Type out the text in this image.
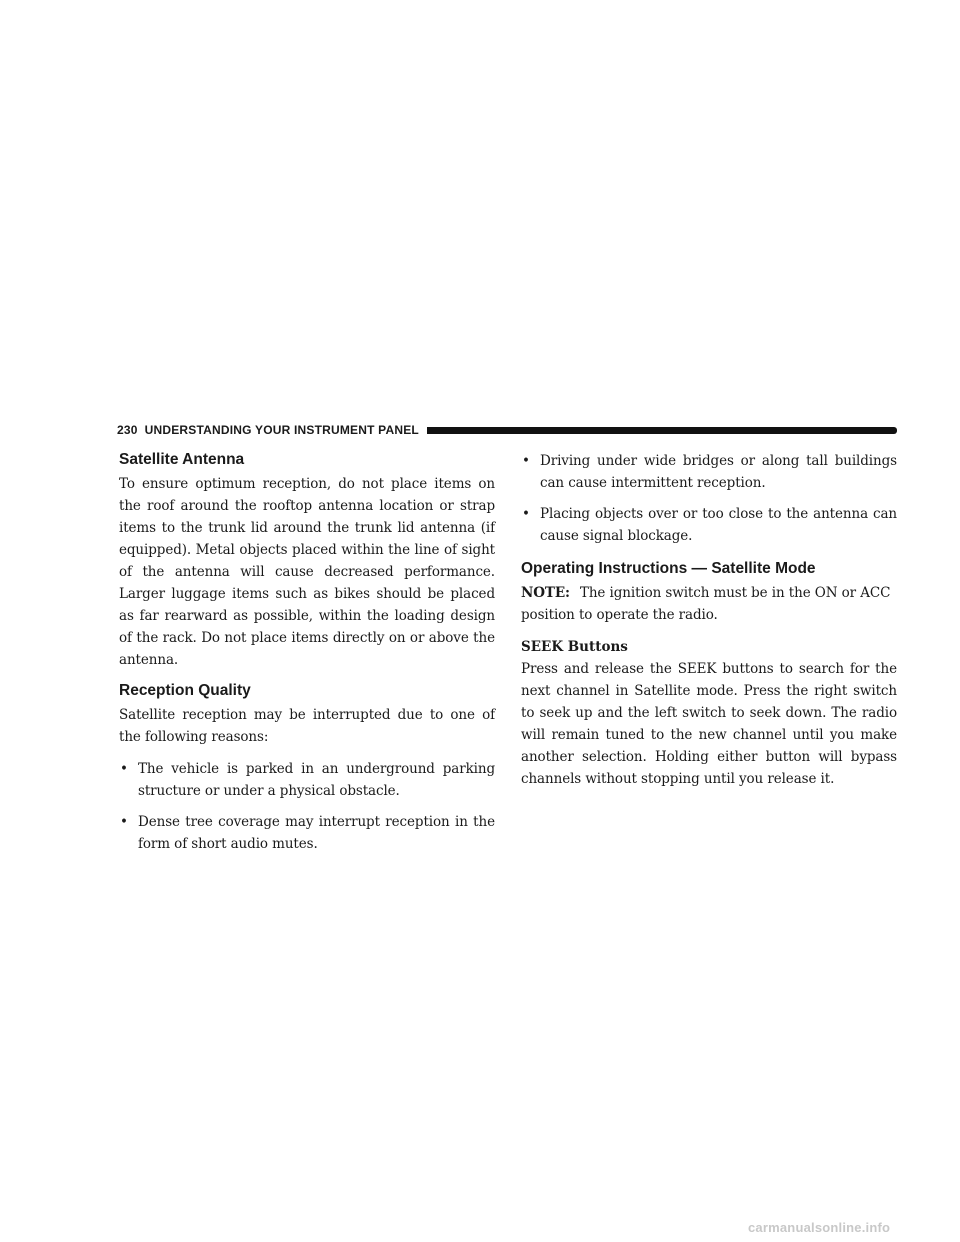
230 UNDERSTANDING YOUR INSTRUMENT PANEL
Satellite Antenna

To ensure optimum reception, do not place items on the roof around the rooftop antenna location or strap items to the trunk lid around the trunk lid antenna (if equipped). Metal objects placed within the line of sight of the antenna will cause decreased performance. Larger luggage items such as bikes should be placed as far rearward as possible, within the loading design of the rack. Do not place items directly on or above the antenna.

Reception Quality

Satellite reception may be interrupted due to one of the following reasons:

• The vehicle is parked in an underground parking structure or under a physical obstacle.
• Dense tree coverage may interrupt reception in the form of short audio mutes.
• Driving under wide bridges or along tall buildings can cause intermittent reception.
• Placing objects over or too close to the antenna can cause signal blockage.
Operating Instructions — Satellite Mode

NOTE: The ignition switch must be in the ON or ACC position to operate the radio.

SEEK Buttons

Press and release the SEEK buttons to search for the next channel in Satellite mode. Press the right switch to seek up and the left switch to seek down. The radio will remain tuned to the new channel until you make another selection. Holding either button will bypass channels without stopping until you release it.

carmanualsonline.info
